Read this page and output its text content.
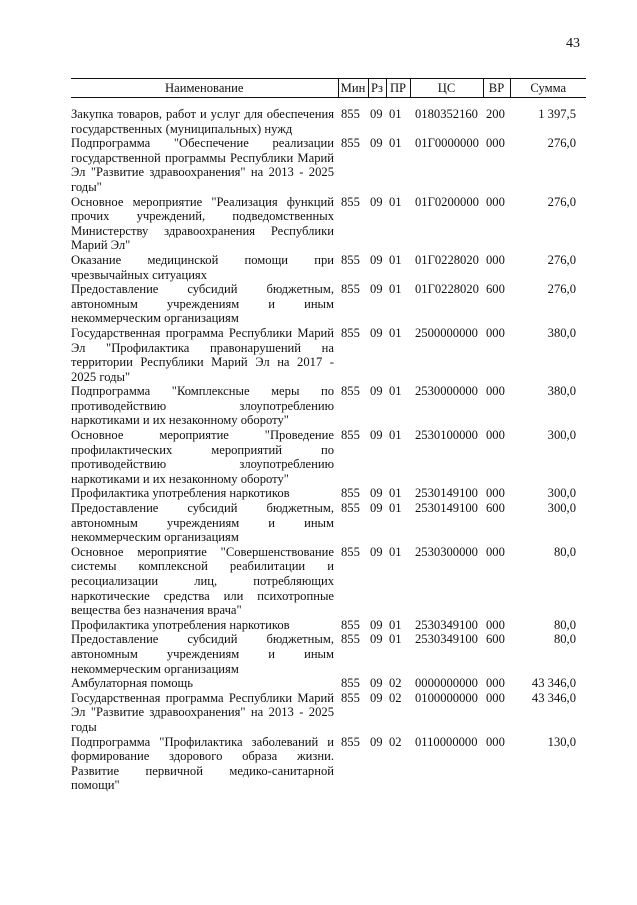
43
Наименование	Мин	Рз	ПР	ЦС	ВР	Сумма
Закупка товаров, работ и услуг для обеспечения государственных (муниципальных) нужд	855	09	01	0180352160	200	1 397,5
Подпрограмма "Обеспечение реализации государственной программы Республики Марий Эл "Развитие здравоохранения" на 2013 - 2025 годы"	855	09	01	01Г0000000	000	276,0
Основное мероприятие "Реализация функций прочих учреждений, подведомственных Министерству здравоохранения Республики Марий Эл"	855	09	01	01Г0200000	000	276,0
Оказание медицинской помощи при чрезвычайных ситуациях	855	09	01	01Г0228020	000	276,0
Предоставление субсидий бюджетным, автономным учреждениям и иным некоммерческим организациям	855	09	01	01Г0228020	600	276,0
Государственная программа Республики Марий Эл "Профилактика правонарушений на территории Республики Марий Эл на 2017 - 2025 годы"	855	09	01	2500000000	000	380,0
Подпрограмма "Комплексные меры по противодействию злоупотреблению наркотиками и их незаконному обороту"	855	09	01	2530000000	000	380,0
Основное мероприятие "Проведение профилактических мероприятий по противодействию злоупотреблению наркотиками и их незаконному обороту"	855	09	01	2530100000	000	300,0
Профилактика употребления наркотиков	855	09	01	2530149100	000	300,0
Предоставление субсидий бюджетным, автономным учреждениям и иным некоммерческим организациям	855	09	01	2530149100	600	300,0
Основное мероприятие "Совершенствование системы комплексной реабилитации и ресоциализации лиц, потребляющих наркотические средства или психотропные вещества без назначения врача"	855	09	01	2530300000	000	80,0
Профилактика употребления наркотиков	855	09	01	2530349100	000	80,0
Предоставление субсидий бюджетным, автономным учреждениям и иным некоммерческим организациям	855	09	01	2530349100	600	80,0
Амбулаторная помощь	855	09	02	0000000000	000	43 346,0
Государственная программа Республики Марий Эл "Развитие здравоохранения" на 2013 - 2025 годы	855	09	02	0100000000	000	43 346,0
Подпрограмма "Профилактика заболеваний и формирование здорового образа жизни. Развитие первичной медико-санитарной помощи"	855	09	02	0110000000	000	130,0
